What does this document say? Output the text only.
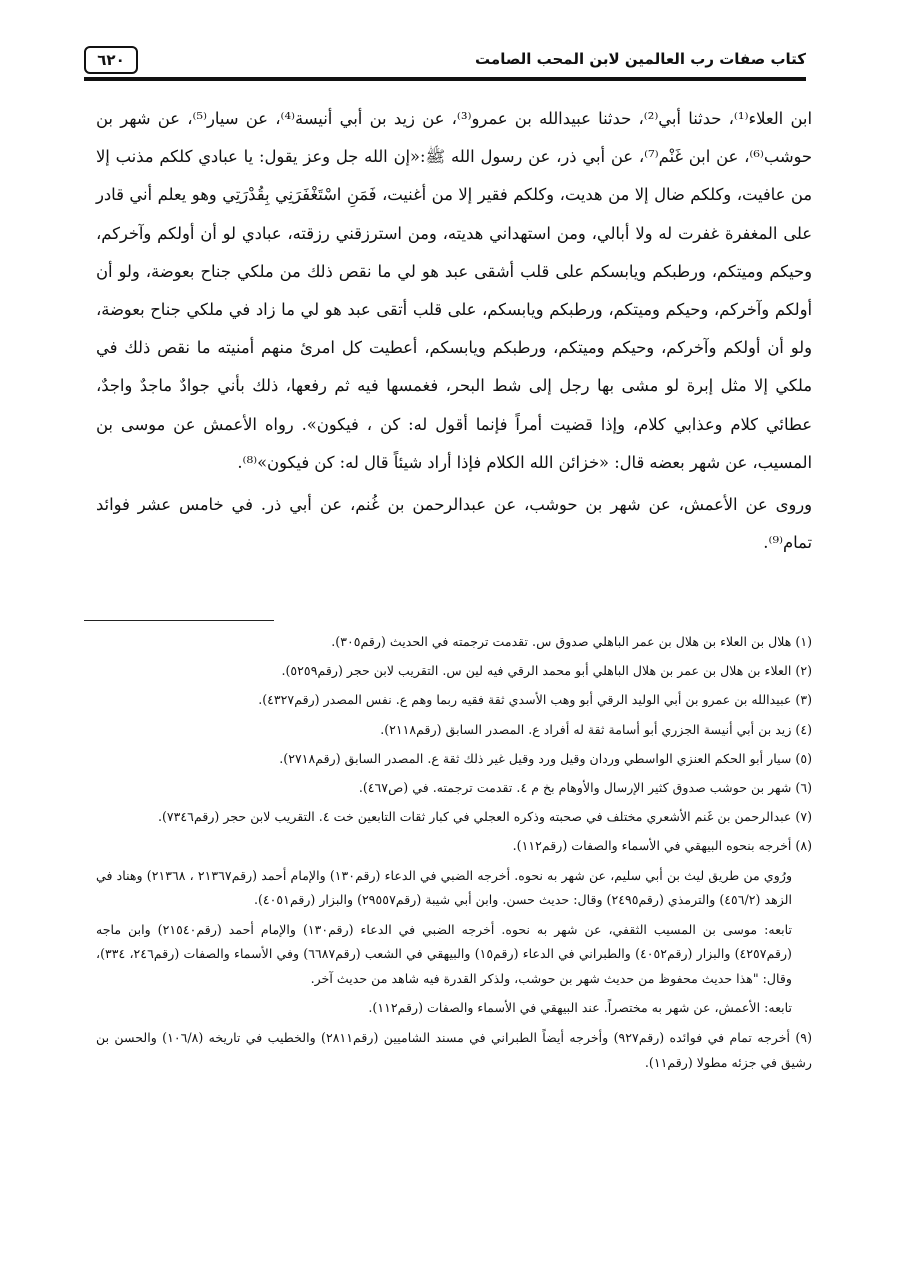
كتاب صفات رب العالمين لابن المحب الصامت
٦٢٠

ابن العلاء⁽¹⁾، حدثنا أبي⁽²⁾، حدثنا عبيدالله بن عمرو⁽³⁾، عن زيد بن أبي أنيسة⁽⁴⁾، عن سيار⁽⁵⁾، عن شهر بن حوشب⁽⁶⁾، عن ابن غَنْم⁽⁷⁾، عن أبي ذر، عن رسول الله ﷺ:«إن الله جل وعز يقول: يا عبادي كلكم مذنب إلا من عافيت، وكلكم ضال إلا من هديت، وكلكم فقير إلا من أغنيت، فَمَنِ اسْتَغْفَرَنِي بِقُدْرَتِي وهو يعلم أني قادر على المغفرة غفرت له ولا أبالي، ومن استهداني هديته، ومن استرزقني رزقته، عبادي لو أن أولكم وآخركم، وحيكم وميتكم، ورطبكم ويابسكم على قلب أشقى عبد هو لي ما نقص ذلك من ملكي جناح بعوضة، ولو أن أولكم وآخركم، وحيكم وميتكم، ورطبكم ويابسكم، على قلب أتقى عبد هو لي ما زاد في ملكي جناح بعوضة، ولو أن أولكم وآخركم، وحيكم وميتكم، ورطبكم ويابسكم، أعطيت كل امرئ منهم أمنيته ما نقص ذلك في ملكي إلا مثل إبرة لو مشى بها رجل إلى شط البحر، فغمسها فيه ثم رفعها، ذلك بأني جوادٌ ماجدٌ واجدٌ، عطائي كلام وعذابي كلام، وإذا قضيت أمراً فإنما أقول له: كن ، فيكون». رواه الأعمش عن موسى بن المسيب، عن شهر بعضه قال: «خزائن الله الكلام فإذا أراد شيئاً قال له: كن فيكون»⁽⁸⁾.

وروى عن الأعمش، عن شهر بن حوشب، عن عبدالرحمن بن غُنم، عن أبي ذر. في خامس عشر فوائد تمام⁽⁹⁾.

(١) هلال بن العلاء بن هلال بن عمر الباهلي صدوق س. تقدمت ترجمته في الحديث (رقم٣٠٥).

(٢) العلاء بن هلال بن عمر بن هلال الباهلي أبو محمد الرقي فيه لين س. التقريب لابن حجر (رقم٥٢٥٩).

(٣) عبيدالله بن عمرو بن أبي الوليد الرقي أبو وهب الأسدي ثقة فقيه ربما وهم ع. نفس المصدر (رقم٤٣٢٧).

(٤) زيد بن أبي أنيسة الجزري أبو أسامة ثقة له أفراد ع. المصدر السابق (رقم٢١١٨).

(٥) سيار أبو الحكم العنزي الواسطي وردان وقيل ورد وقيل غير ذلك ثقة ع. المصدر السابق (رقم٢٧١٨).

(٦) شهر بن حوشب صدوق كثير الإرسال والأوهام بخ م ٤. تقدمت ترجمته. في (ص٤٦٧).

(٧) عبدالرحمن بن غَنم الأشعري مختلف في صحبته وذكره العجلي في كبار ثقات التابعين خت ٤. التقريب لابن حجر (رقم٧٣٤٦).

(٨) أخرجه بنحوه البيهقي في الأسماء والصفات (رقم١١٢).

ورُوي من طريق ليث بن أبي سليم، عن شهر به نحوه. أخرجه الضبي في الدعاء (رقم١٣٠) والإمام أحمد (رقم٢١٣٦٧ ، ٢١٣٦٨) وهناد في الزهد (٤٥٦/٢) والترمذي (رقم٢٤٩٥) وقال: حديث حسن. وابن أبي شيبة (رقم٢٩٥٥٧) والبزار (رقم٤٠٥١).

تابعه: موسى بن المسيب الثقفي، عن شهر به نحوه. أخرجه الضبي في الدعاء (رقم١٣٠) والإمام أحمد (رقم٢١٥٤٠) وابن ماجه (رقم٤٢٥٧) والبزار (رقم٤٠٥٢) والطبراني في الدعاء (رقم١٥) والبيهقي في الشعب (رقم٦٦٨٧) وفي الأسماء والصفات (رقم٢٤٦، ٣٣٤)، وقال: "هذا حديث محفوظ من حديث شهر بن حوشب، ولذكر القدرة فيه شاهد من حديث آخر.

تابعه: الأعمش، عن شهر به مختصراً. عند البيهقي في الأسماء والصفات (رقم١١٢).

(٩) أخرجه تمام في فوائده (رقم٩٢٧) وأخرجه أيضاً الطبراني في مسند الشاميين (رقم٢٨١١) والخطيب في تاريخه (١٠٦/٨) والحسن بن رشيق في جزئه مطولا (رقم١١).
